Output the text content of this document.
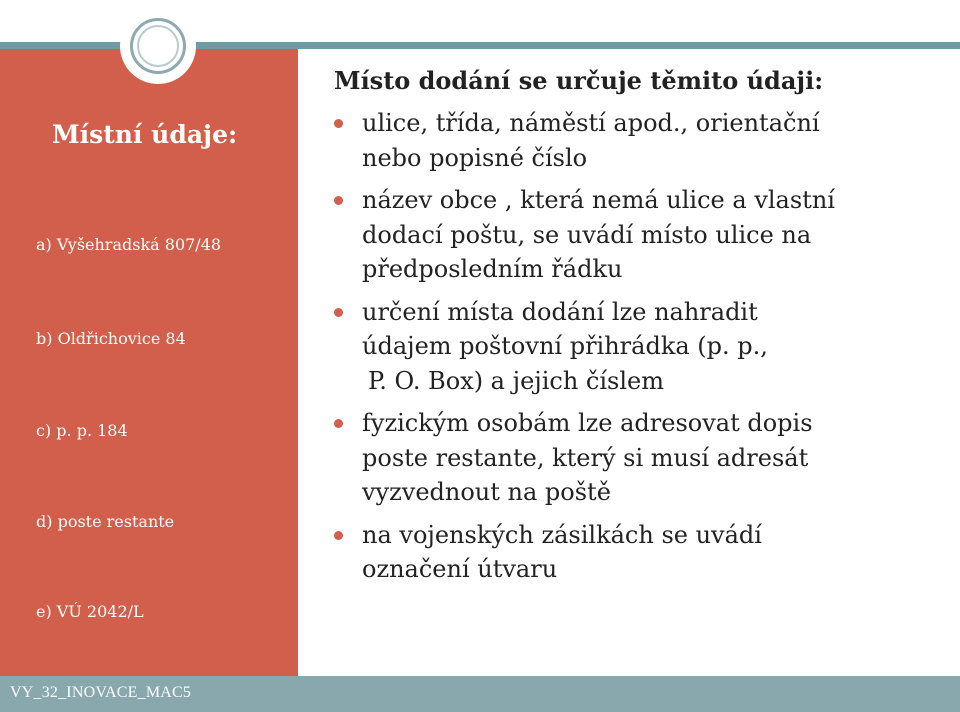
Místní údaje:
a) Vyšehradská 807/48
b) Oldřichovice 84
c) p. p. 184
d) poste restante
e) VÚ 2042/L
Místo dodání se určuje těmito údaji:
ulice, třída, náměstí apod., orientační
nebo popisné číslo
název obce , která nemá ulice a vlastní
dodací poštu, se uvádí místo ulice na
předposledním řádku
určení místa dodání lze nahradit
údajem poštovní přihrádka (p. p.,
P. O. Box) a jejich číslem
fyzickým osobám lze adresovat dopis
poste restante, který si musí adresát
vyzvednout na poště
na vojenských zásilkách se uvádí
označení útvaru
VY_32_INOVACE_MAC5
